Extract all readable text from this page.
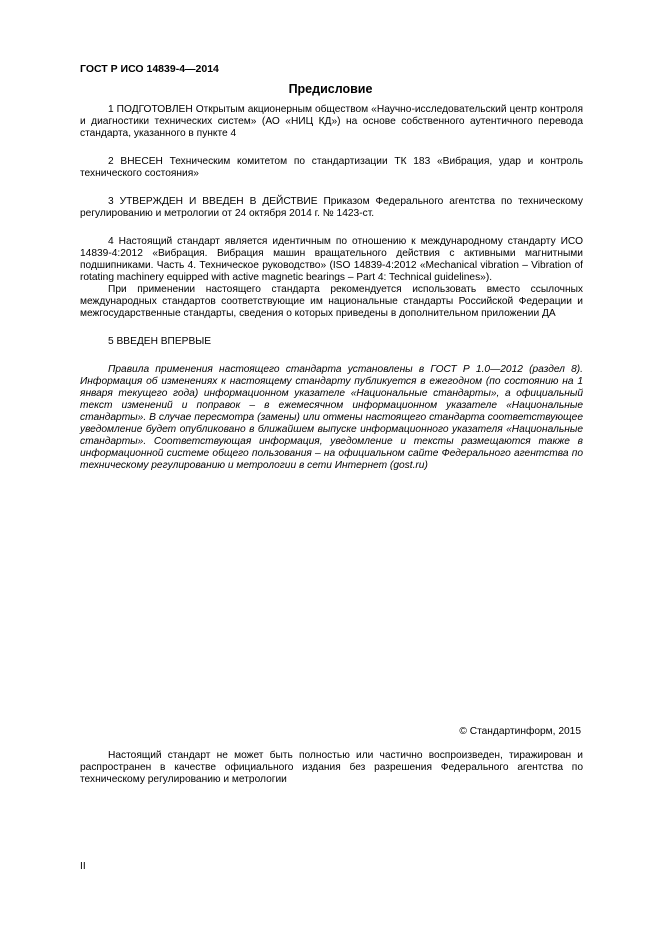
ГОСТ Р ИСО 14839-4—2014
Предисловие

1 ПОДГОТОВЛЕН Открытым акционерным обществом «Научно-исследовательский центр контроля и диагностики технических систем» (АО «НИЦ КД») на основе собственного аутентичного перевода стандарта, указанного в пункте 4

2 ВНЕСЕН Техническим комитетом по стандартизации ТК 183 «Вибрация, удар и контроль технического состояния»

3 УТВЕРЖДЕН И ВВЕДЕН В ДЕЙСТВИЕ Приказом Федерального агентства по техническому регулированию и метрологии от 24 октября 2014 г. № 1423-ст.

4 Настоящий стандарт является идентичным по отношению к международному стандарту ИСО 14839-4:2012 «Вибрация. Вибрация машин вращательного действия с активными магнитными подшипниками. Часть 4. Техническое руководство» (ISO 14839-4:2012 «Mechanical vibration – Vibration of rotating machinery equipped with active magnetic bearings – Part 4: Technical guidelines»).

При применении настоящего стандарта рекомендуется использовать вместо ссылочных международных стандартов соответствующие им национальные стандарты Российской Федерации и межгосударственные стандарты, сведения о которых приведены в дополнительном приложении ДА

5 ВВЕДЕН ВПЕРВЫЕ

Правила применения настоящего стандарта установлены в ГОСТ Р 1.0—2012 (раздел 8). Информация об изменениях к настоящему стандарту публикуется в ежегодном (по состоянию на 1 января текущего года) информационном указателе «Национальные стандарты», а официальный текст изменений и поправок – в ежемесячном информационном указателе «Национальные стандарты». В случае пересмотра (замены) или отмены настоящего стандарта соответствующее уведомление будет опубликовано в ближайшем выпуске информационного указателя «Национальные стандарты». Соответствующая информация, уведомление и тексты размещаются также в информационной системе общего пользования – на официальном сайте Федерального агентства по техническому регулированию и метрологии в сети Интернет (gost.ru)

© Стандартинформ, 2015

Настоящий стандарт не может быть полностью или частично воспроизведен, тиражирован и распространен в качестве официального издания без разрешения Федерального агентства по техническому регулированию и метрологии

II
